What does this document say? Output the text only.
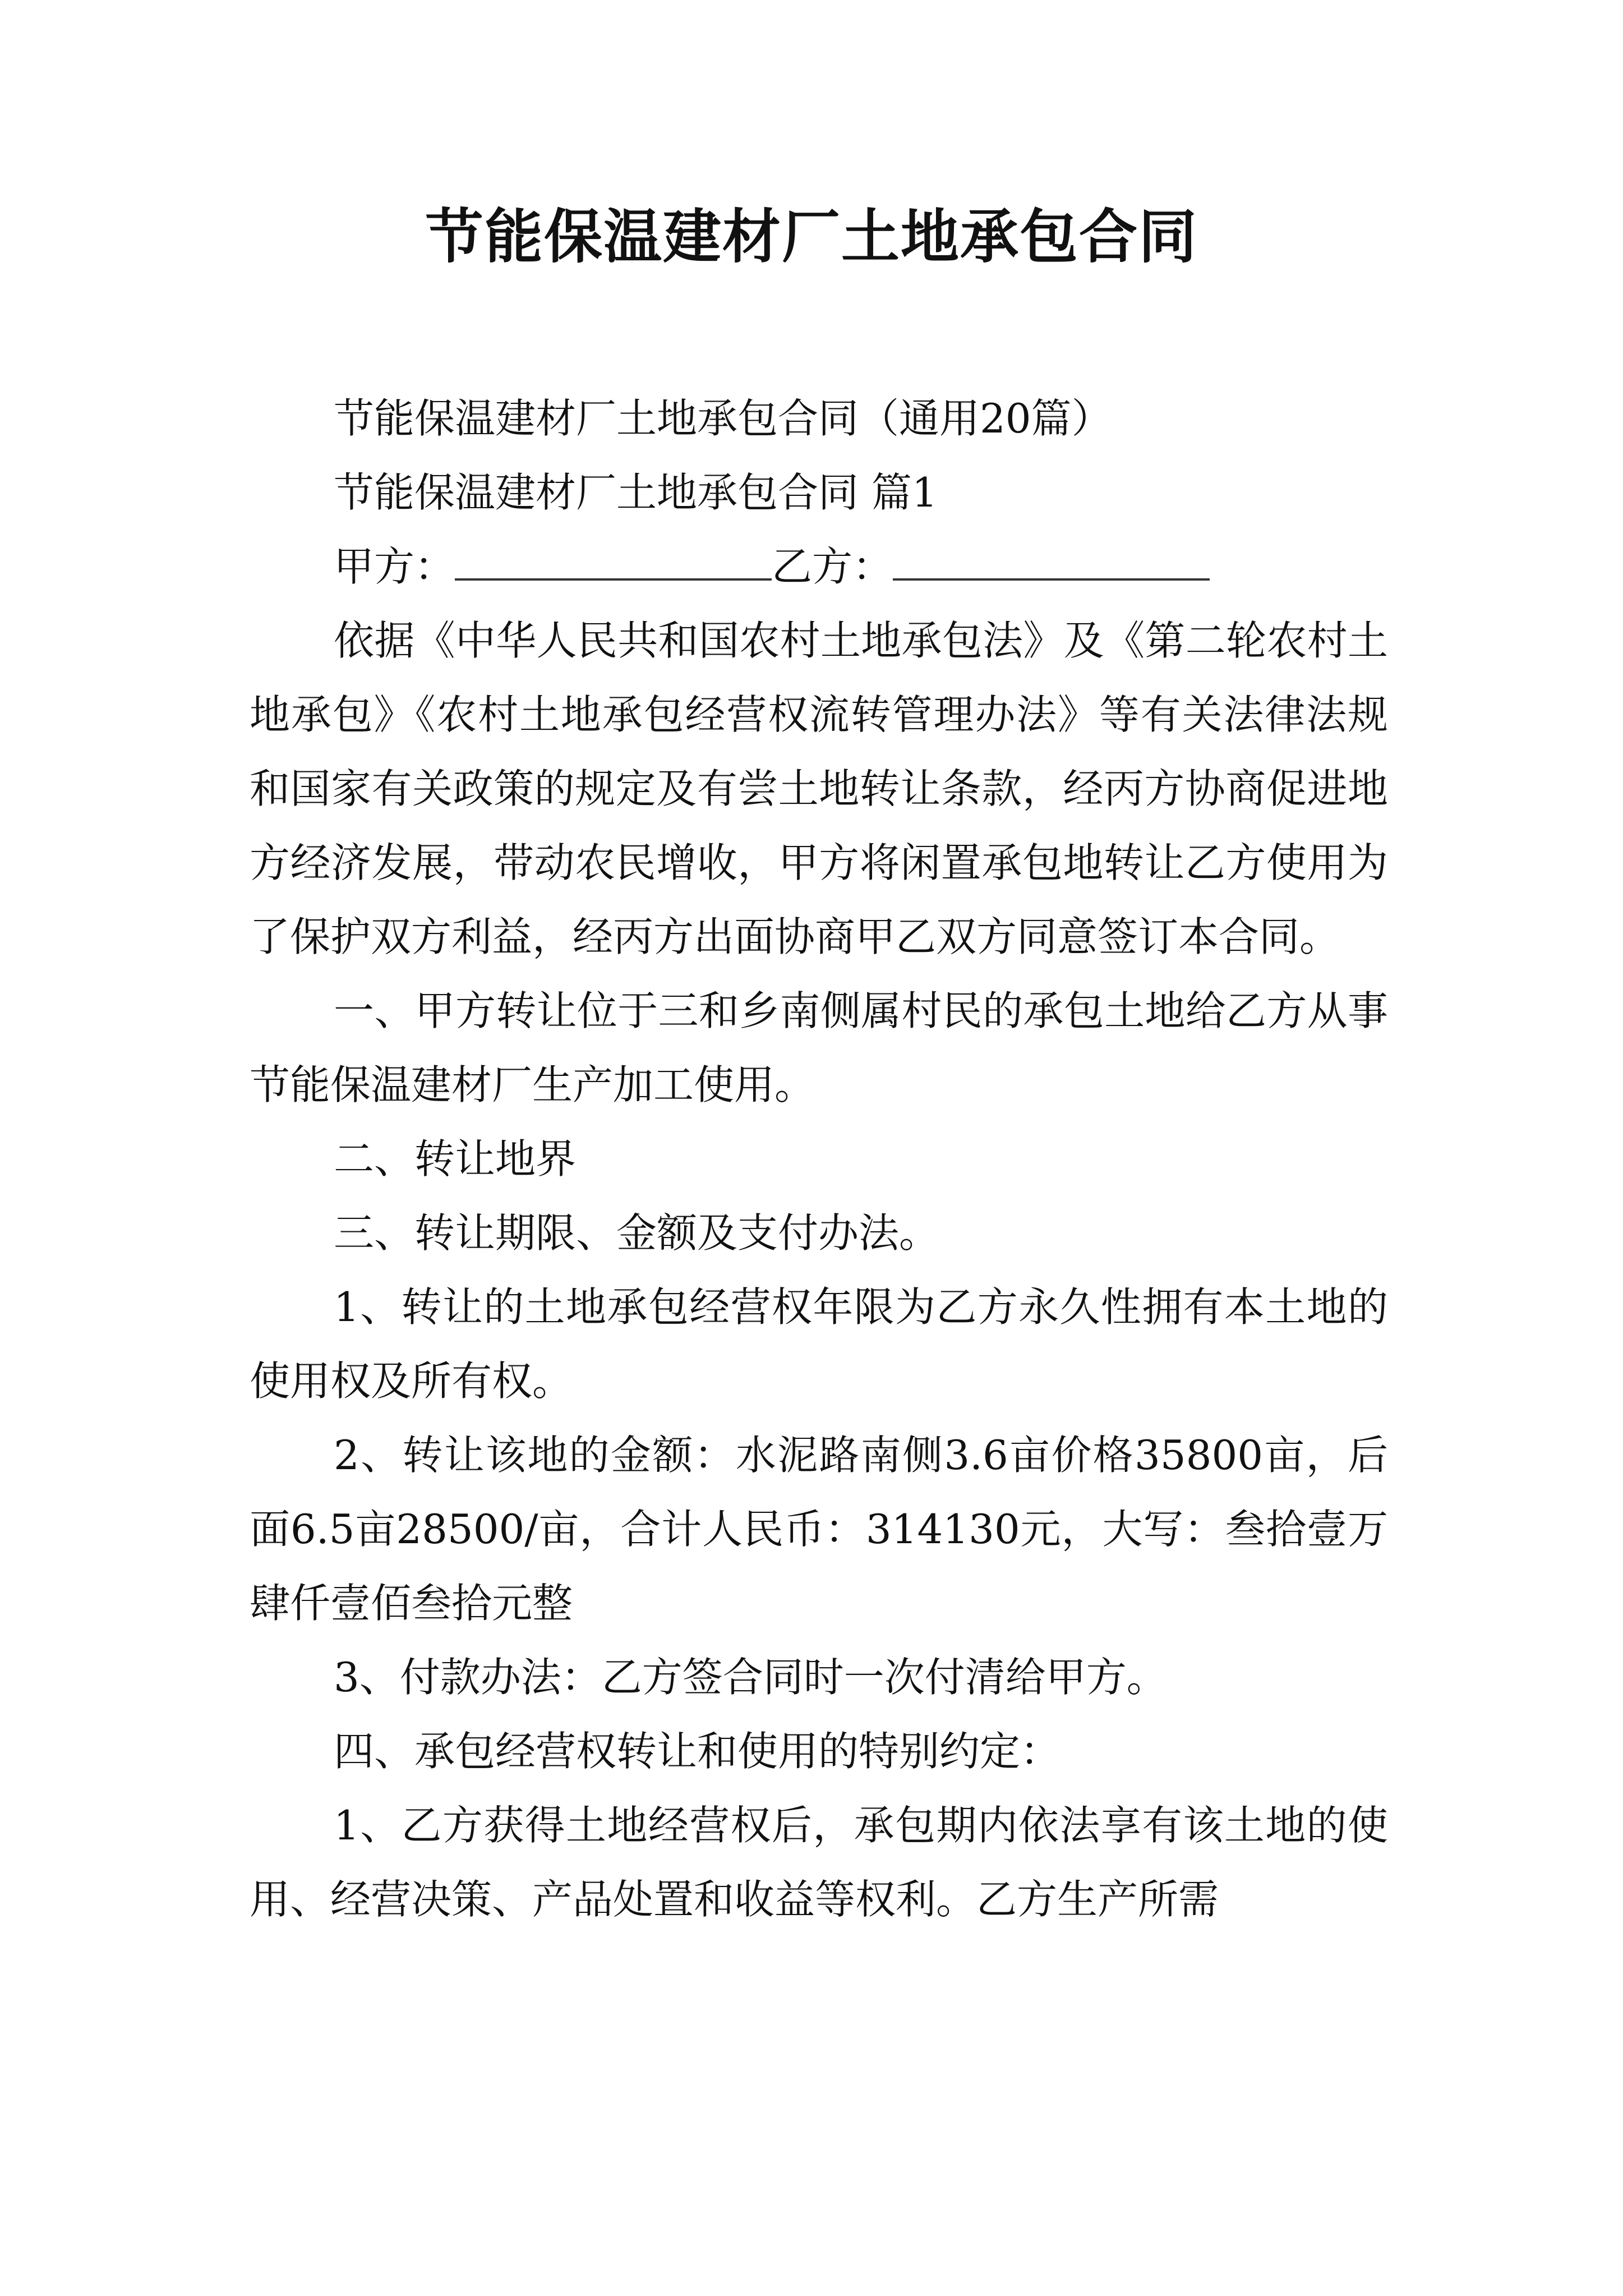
节能保温建材厂土地承包合同

节能保温建材厂土地承包合同（通用20篇）

节能保温建材厂土地承包合同 篇1

甲方：	乙方：

依据《中华人民共和国农村土地承包法》及《第二轮农村土地承包》《农村土地承包经营权流转管理办法》等有关法律法规和国家有关政策的规定及有尝土地转让条款，经丙方协商促进地方经济发展，带动农民增收，甲方将闲置承包地转让乙方使用为了保护双方利益，经丙方出面协商甲乙双方同意签订本合同。

一、甲方转让位于三和乡南侧属村民的承包土地给乙方从事节能保温建材厂生产加工使用。

二、转让地界

三、转让期限、金额及支付办法。

1、转让的土地承包经营权年限为乙方永久性拥有本土地的使用权及所有权。

2、转让该地的金额：水泥路南侧3.6亩价格35800亩，后面6.5亩28500/亩，合计人民币：314130元，大写：叁拾壹万肆仟壹佰叁拾元整

3、付款办法：乙方签合同时一次付清给甲方。

四、承包经营权转让和使用的特别约定：

1、乙方获得土地经营权后，承包期内依法享有该土地的使用、经营决策、产品处置和收益等权利。乙方生产所需
